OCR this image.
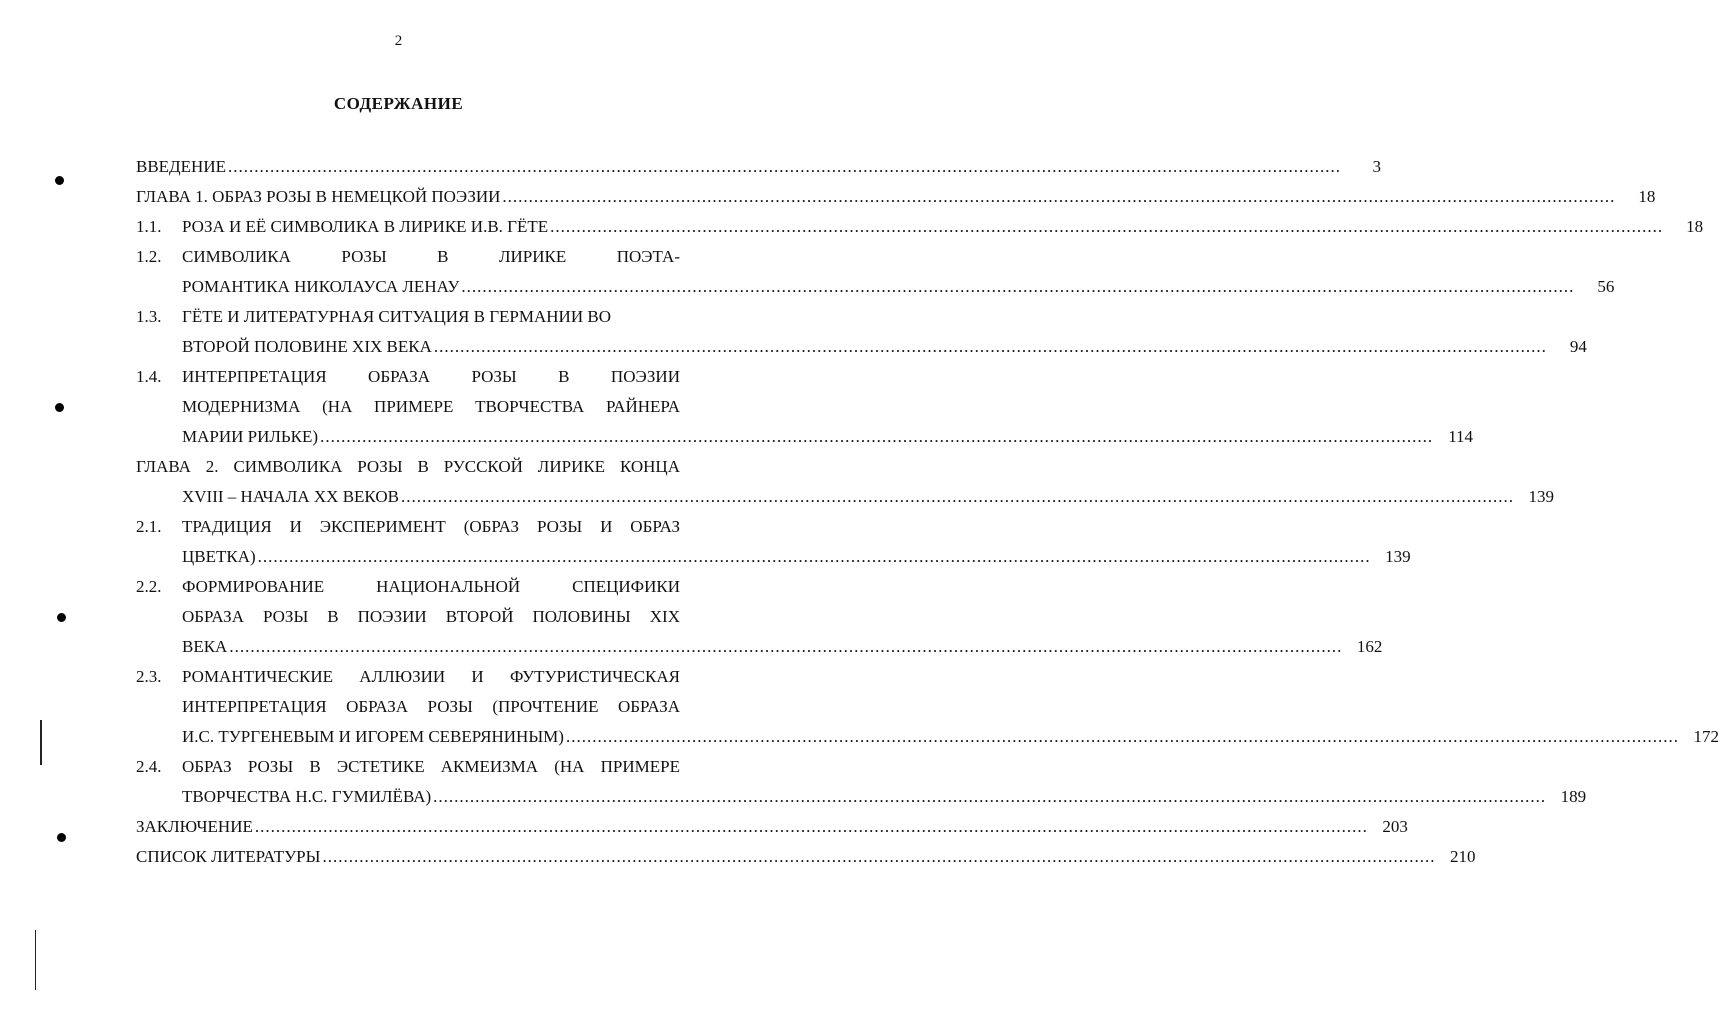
2
СОДЕРЖАНИЕ
ВВЕДЕНИЕ .....	3
ГЛАВА 1. ОБРАЗ РОЗЫ В НЕМЕЦКОЙ ПОЭЗИИ .....	18
1.1.	РОЗА И ЕЁ СИМВОЛИКА В ЛИРИКЕ И.В. ГЁТЕ .....	18
1.2.	СИМВОЛИКА РОЗЫ В ЛИРИКЕ ПОЭТА-
РОМАНТИКА НИКОЛАУСА ЛЕНАУ .....	56
1.3.	ГЁТЕ И ЛИТЕРАТУРНАЯ СИТУАЦИЯ В ГЕРМАНИИ ВО
ВТОРОЙ ПОЛОВИНЕ XIX ВЕКА .....	94
1.4.	ИНТЕРПРЕТАЦИЯ ОБРАЗА РОЗЫ В ПОЭЗИИ
МОДЕРНИЗМА (НА ПРИМЕРЕ ТВОРЧЕСТВА РАЙНЕРА
МАРИИ РИЛЬКЕ) .....	114
ГЛАВА 2. СИМВОЛИКА РОЗЫ В РУССКОЙ ЛИРИКЕ КОНЦА
XVIII – НАЧАЛА XX ВЕКОВ .....	139
2.1.	ТРАДИЦИЯ И ЭКСПЕРИМЕНТ (ОБРАЗ РОЗЫ И ОБРАЗ
ЦВЕТКА) .....	139
2.2.	ФОРМИРОВАНИЕ НАЦИОНАЛЬНОЙ СПЕЦИФИКИ
ОБРАЗА РОЗЫ В ПОЭЗИИ ВТОРОЙ ПОЛОВИНЫ XIX
ВЕКА .....	162
2.3.	РОМАНТИЧЕСКИЕ АЛЛЮЗИИ И ФУТУРИСТИЧЕСКАЯ
ИНТЕРПРЕТАЦИЯ ОБРАЗА РОЗЫ (ПРОЧТЕНИЕ ОБРАЗА
И.С. ТУРГЕНЕВЫМ И ИГОРЕМ СЕВЕРЯНИНЫМ) .....	172
2.4.	ОБРАЗ РОЗЫ В ЭСТЕТИКЕ АКМЕИЗМА (НА ПРИМЕРЕ
ТВОРЧЕСТВА Н.С. ГУМИЛЁВА) .....	189
ЗАКЛЮЧЕНИЕ .....	203
СПИСОК ЛИТЕРАТУРЫ .....	210
